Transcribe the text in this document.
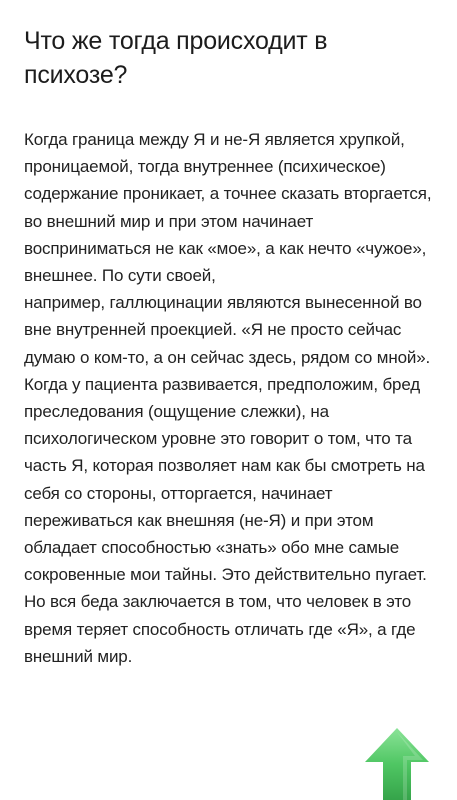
Что же тогда происходит в психозе?

Когда граница между Я и не-Я является хрупкой, проницаемой, тогда внутреннее (психическое) содержание проникает, а точнее сказать вторгается, во внешний мир и при этом начинает восприниматься не как «мое», а как нечто «чужое», внешнее. По сути своей,

например, галлюцинации являются вынесенной во вне внутренней проекцией. «Я не просто сейчас думаю о ком-то, а он сейчас здесь, рядом со мной». Когда у пациента развивается, предположим, бред преследования (ощущение слежки), на психологическом уровне это говорит о том, что та часть Я, которая позволяет нам как бы смотреть на себя со стороны, отторгается, начинает переживаться как внешняя (не-Я) и при этом обладает способностью «знать» обо мне самые сокровенные мои тайны. Это действительно пугает. Но вся беда заключается в том, что человек в это время теряет способность отличать где «Я», а где внешний мир.
